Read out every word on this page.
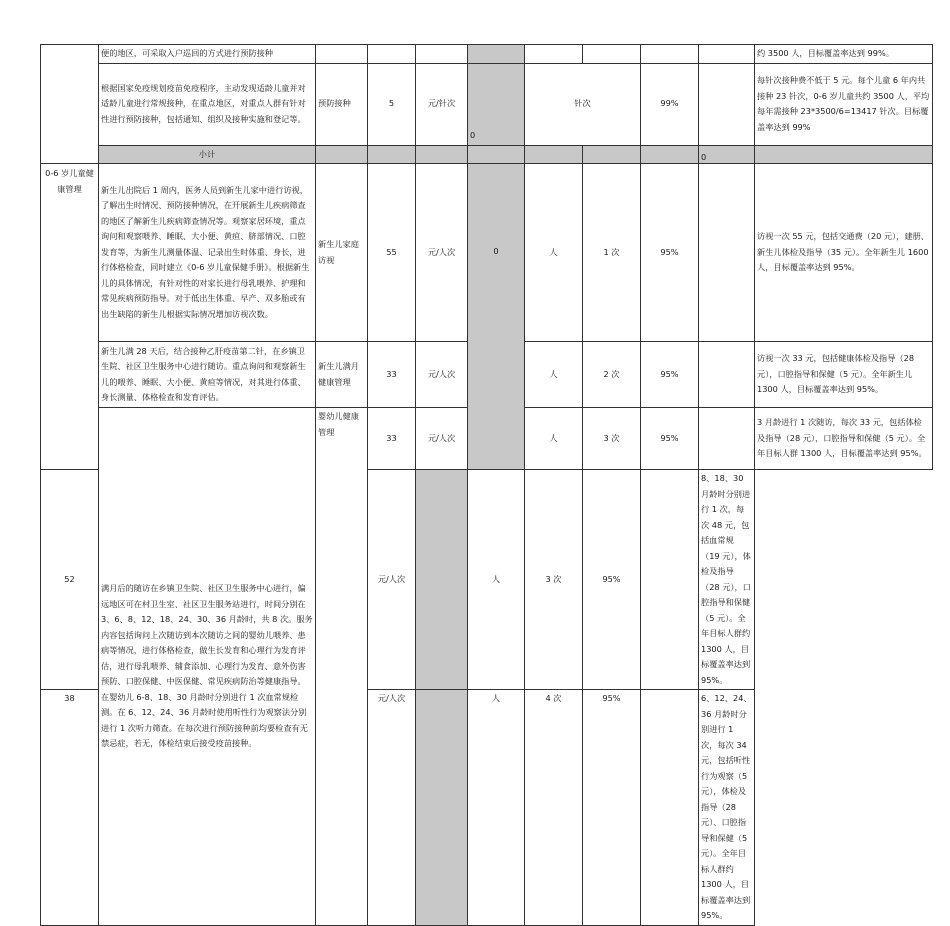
	便的地区，可采取入户巡回的方式进行预防接种									约 3500 人，目标覆盖率达到 99%。
	根据国家免疫规划疫苗免疫程序，主动发现适龄儿童并对适龄儿童进行常规接种，在重点地区，对重点人群有针对性进行预防接种，包括通知、组织及接种实施和登记等。	预防接种	5	元/针次	0	针次		99%		每针次接种费不低于 5 元。每个儿童 6 年内共接种 23 针次，0-6 岁儿童共约 3500 人，平均每年需接种 23*3500/6=13417 针次。目标覆盖率达到 99%
	小计								0	

0-6 岁儿童健康管理	新生儿出院后 1 周内，医务人员到新生儿家中进行访视，了解出生时情况、预防接种情况，在开展新生儿疾病筛查的地区了解新生儿疾病筛查情况等。观察家居环境，重点询问和观察喂养、睡眠、大小便、黄疸、脐部情况、口腔发育等，为新生儿测量体温、记录出生时体重、身长，进行体格检查，同时建立《0-6 岁儿童保健手册》。根据新生儿的具体情况，有针对性的对家长进行母乳喂养、护理和常见疾病预防指导。对于低出生体重、早产、双多胎或有出生缺陷的新生儿根据实际情况增加访视次数。	新生儿家庭访视	55	元/人次	0	人	1 次	95%		访视一次 55 元，包括交通费（20 元），建册、新生儿体检及指导（35 元）。全年新生儿 1600 人，目标覆盖率达到 95%。
	新生儿满 28 天后，结合接种乙肝疫苗第二针，在乡镇卫生院、社区卫生服务中心进行随访。重点询问和观察新生儿的喂养、睡眠、大小便、黄疸等情况，对其进行体重、身长测量、体格检查和发育评估。	新生儿满月健康管理	33	元/人次		人	2 次	95%		访视一次 33 元，包括健康体检及指导（28 元），口腔指导和保健（5 元）。全年新生儿 1300 人，目标覆盖率达到 95%。
	满月后的随访在乡镇卫生院、社区卫生服务中心进行，偏远地区可在村卫生室、社区卫生服务站进行，时间分别在 3、6、8、12、18、24、30、36 月龄时，共 8 次。服务内容包括询问上次随访到本次随访之间的婴幼儿喂养、患病等情况，进行体格检查，做生长发育和心理行为发育评估，进行母乳喂养、辅食添加、心理行为发育、意外伤害预防、口腔保健、中医保健、常见疾病防治等健康指导。在婴幼儿 6-8、18、30 月龄时分别进行 1 次血常规检测。在 6、12、24、36 月龄时使用听性行为观察法分别进行 1 次听力筛查。在每次进行预防接种前均要检查有无禁忌症，若无，体检结束后接受疫苗接种。	婴幼儿健康管理	33	元/人次		人	3 次	95%		3 月龄进行 1 次随访，每次 33 元，包括体检及指导（28 元），口腔指导和保健（5 元）。全年目标人群 1300 人，目标覆盖率达到 95%。
52			元/人次		人	3 次	95%		8、18、30 月龄时分别进行 1 次，每次 48 元，包括血常规（19 元），体检及指导（28 元），口腔指导和保健（5 元）。全年目标人群约 1300 人，目标覆盖率达到 95%。	
38			元/人次		人	4 次	95%		6、12、24、36 月龄时分别进行 1 次，每次 34 元，包括听性行为观察（5 元），体检及指导（28 元）、口腔指导和保健（5 元）。全年目标人群约 1300 人，目标覆盖率达到 95%。	
